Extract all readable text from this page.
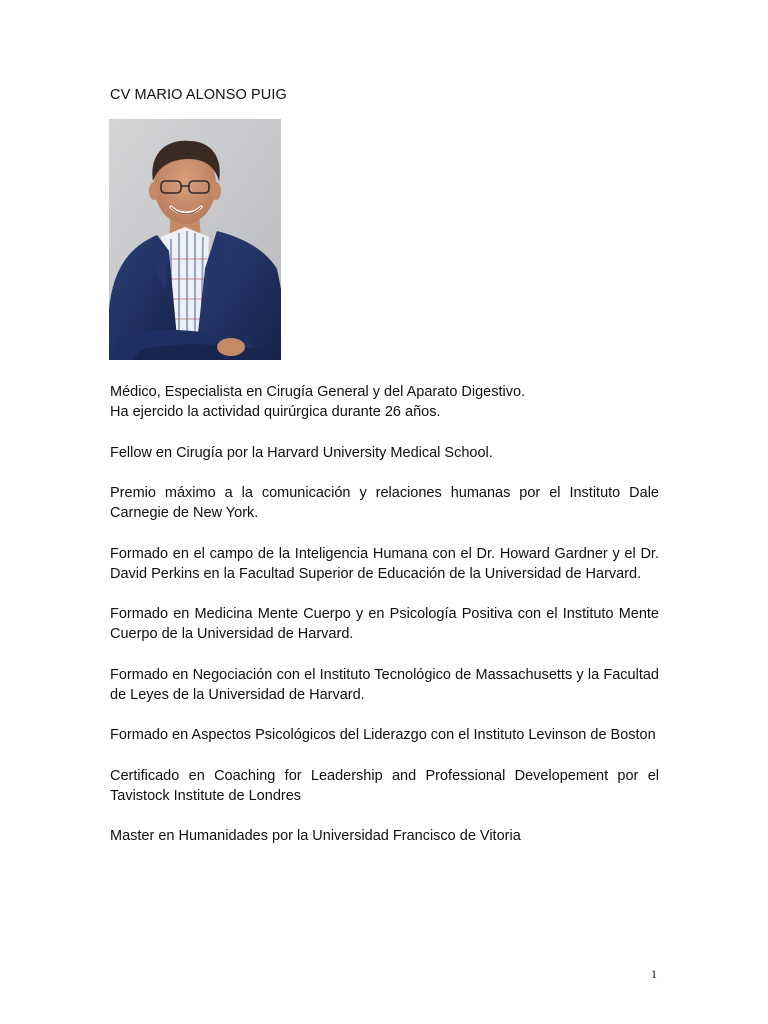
CV MARIO ALONSO PUIG

Médico, Especialista en Cirugía General y del Aparato Digestivo.
Ha ejercido la actividad quirúrgica durante 26 años.

Fellow en Cirugía por la Harvard University Medical School.

Premio máximo a la comunicación y relaciones humanas por el Instituto Dale Carnegie de New York.

Formado en el campo de la Inteligencia Humana con el Dr. Howard Gardner y el Dr. David Perkins en la Facultad Superior de Educación de la Universidad de Harvard.

Formado en Medicina Mente Cuerpo y en Psicología Positiva con el Instituto Mente Cuerpo de la Universidad de Harvard.

Formado en Negociación con el Instituto Tecnológico de Massachusetts y la Facultad de Leyes de la Universidad de Harvard.

Formado en Aspectos Psicológicos del Liderazgo con el Instituto Levinson de Boston

Certificado en Coaching for Leadership and Professional Developement por el Tavistock Institute de Londres

Master en Humanidades por la Universidad Francisco de Vitoria

1
